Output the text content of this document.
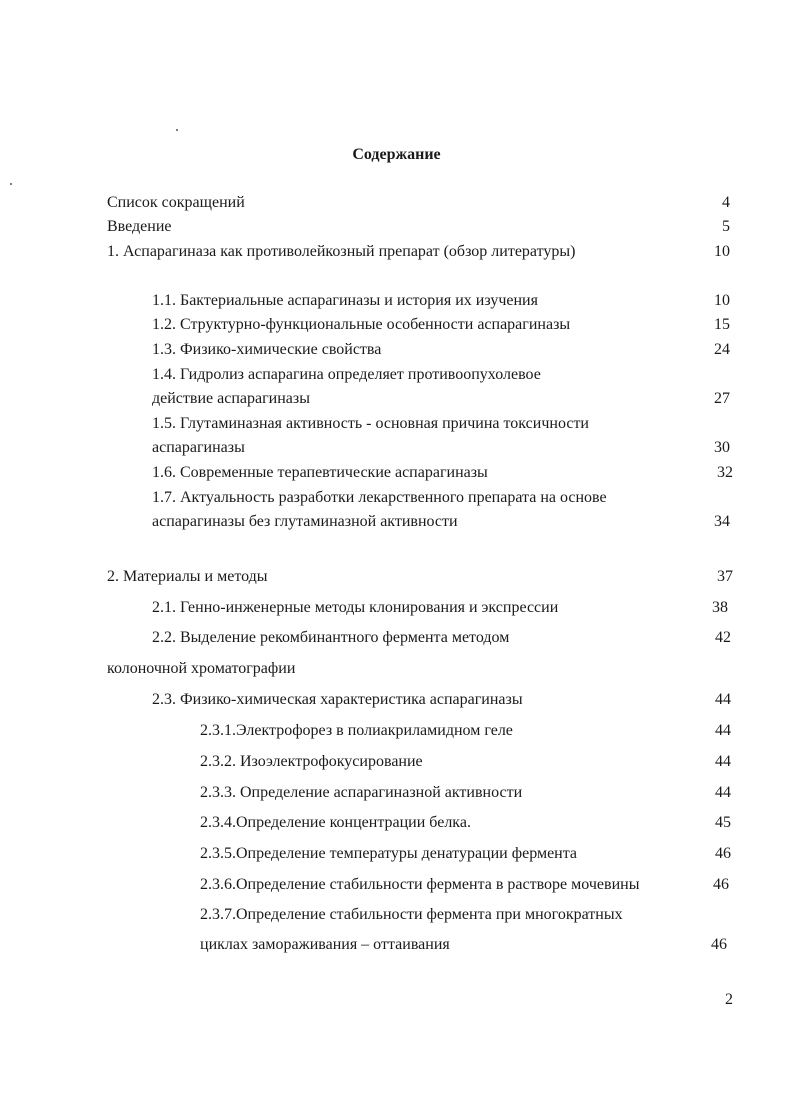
Содержание
Список сокращений	4
Введение	5
1. Аспарагиназа как противолейкозный препарат (обзор литературы)	10
1.1. Бактериальные аспарагиназы и история их изучения	10
1.2. Структурно-функциональные особенности аспарагиназы	15
1.3. Физико-химические свойства	24
1.4. Гидролиз аспарагина определяет противоопухолевое
действие аспарагиназы	27
1.5. Глутаминазная активность - основная причина токсичности
аспарагиназы	30
1.6. Современные терапевтические аспарагиназы	32
1.7. Актуальность разработки лекарственного препарата на основе
аспарагиназы без глутаминазной активности	34
2. Материалы и методы	37
2.1. Генно-инженерные методы клонирования и экспрессии	38
2.2. Выделение рекомбинантного фермента методом	42
колоночной хроматографии
2.3. Физико-химическая характеристика аспарагиназы	44
2.3.1.Электрофорез в полиакриламидном геле	44
2.3.2. Изоэлектрофокусирование	44
2.3.3. Определение аспарагиназной активности	44
2.3.4.Определение концентрации белка.	45
2.3.5.Определение температуры денатурации фермента	46
2.3.6.Определение стабильности фермента в растворе мочевины	46
2.3.7.Определение стабильности фермента при многократных
циклах замораживания – оттаивания	46
2
